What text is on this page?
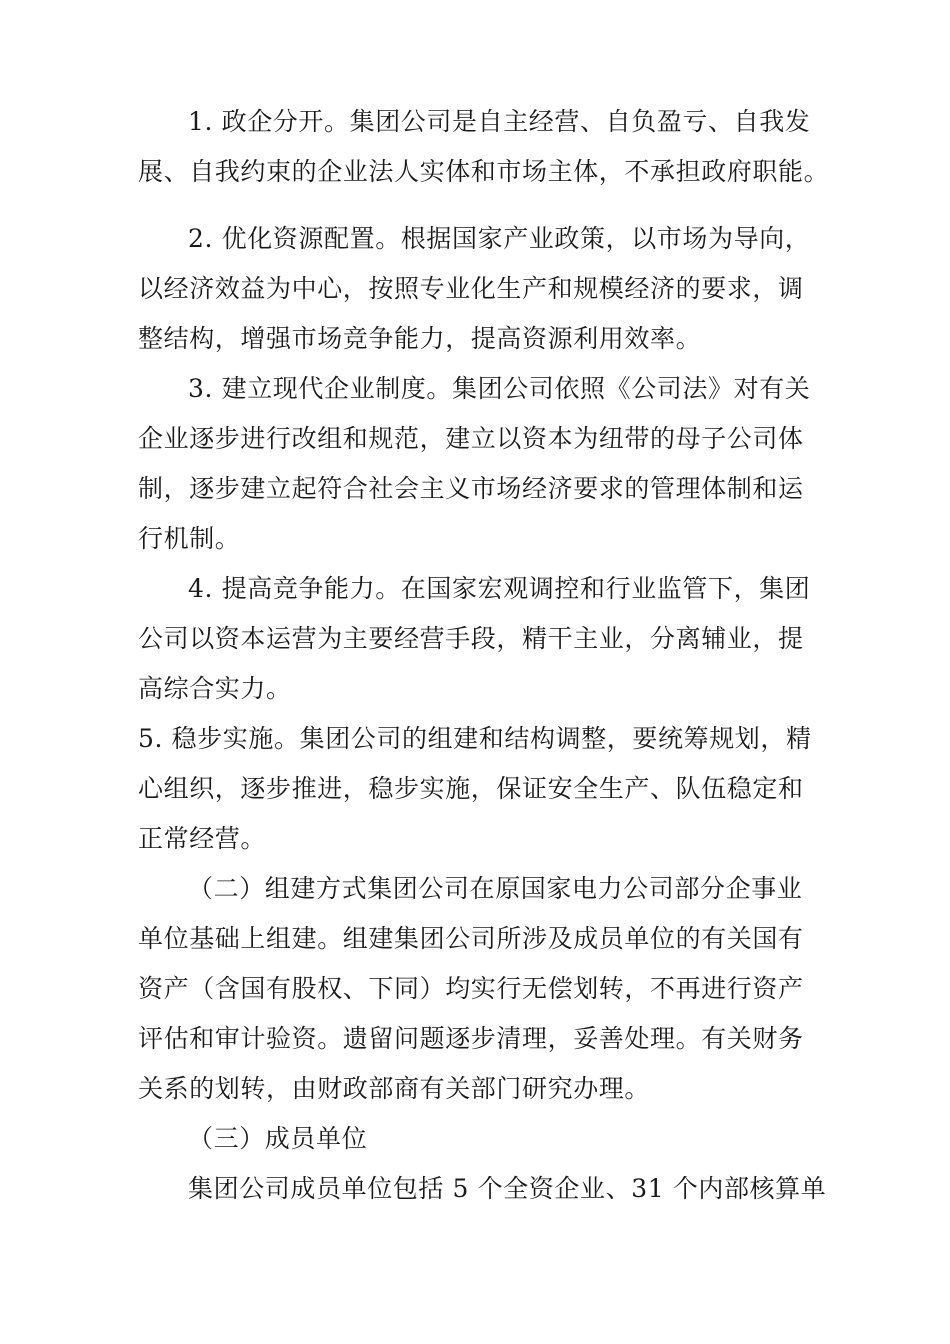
1. 政企分开。集团公司是自主经营、自负盈亏、自我发
展、自我约束的企业法人实体和市场主体，不承担政府职能。
2. 优化资源配置。根据国家产业政策，以市场为导向，
以经济效益为中心，按照专业化生产和规模经济的要求，调
整结构，增强市场竞争能力，提高资源利用效率。
3. 建立现代企业制度。集团公司依照《公司法》对有关
企业逐步进行改组和规范，建立以资本为纽带的母子公司体
制，逐步建立起符合社会主义市场经济要求的管理体制和运
行机制。
4. 提高竞争能力。在国家宏观调控和行业监管下，集团
公司以资本运营为主要经营手段，精干主业，分离辅业，提
高综合实力。
5. 稳步实施。集团公司的组建和结构调整，要统筹规划，精
心组织，逐步推进，稳步实施，保证安全生产、队伍稳定和
正常经营。
（二）组建方式集团公司在原国家电力公司部分企事业
单位基础上组建。组建集团公司所涉及成员单位的有关国有
资产（含国有股权、下同）均实行无偿划转，不再进行资产
评估和审计验资。遗留问题逐步清理，妥善处理。有关财务
关系的划转，由财政部商有关部门研究办理。
（三）成员单位
集团公司成员单位包括 5 个全资企业、31 个内部核算单
